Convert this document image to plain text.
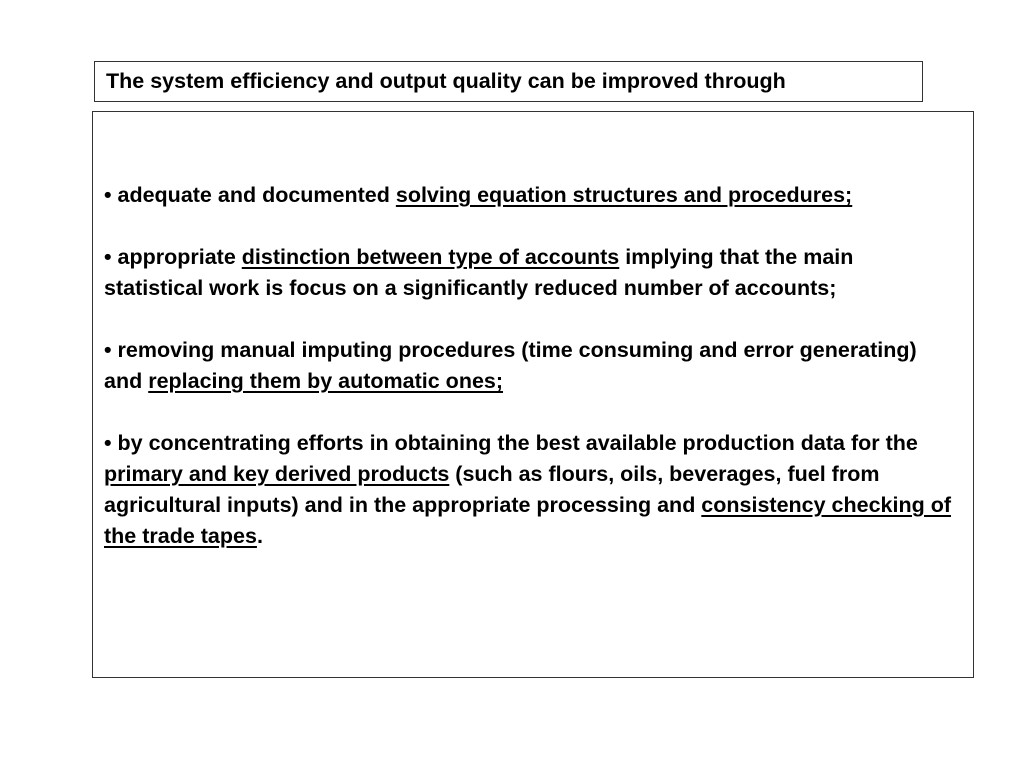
The system efficiency and output quality can be improved through
• adequate and documented solving equation structures and procedures;
• appropriate distinction between type of accounts implying that the main statistical work is focus on a significantly reduced number of accounts;
• removing manual imputing procedures (time consuming and error generating) and replacing them by automatic ones;
• by concentrating efforts in obtaining the best available production data for the primary and key derived products (such as flours, oils, beverages, fuel from agricultural inputs) and in the appropriate processing and consistency checking of the trade tapes.
